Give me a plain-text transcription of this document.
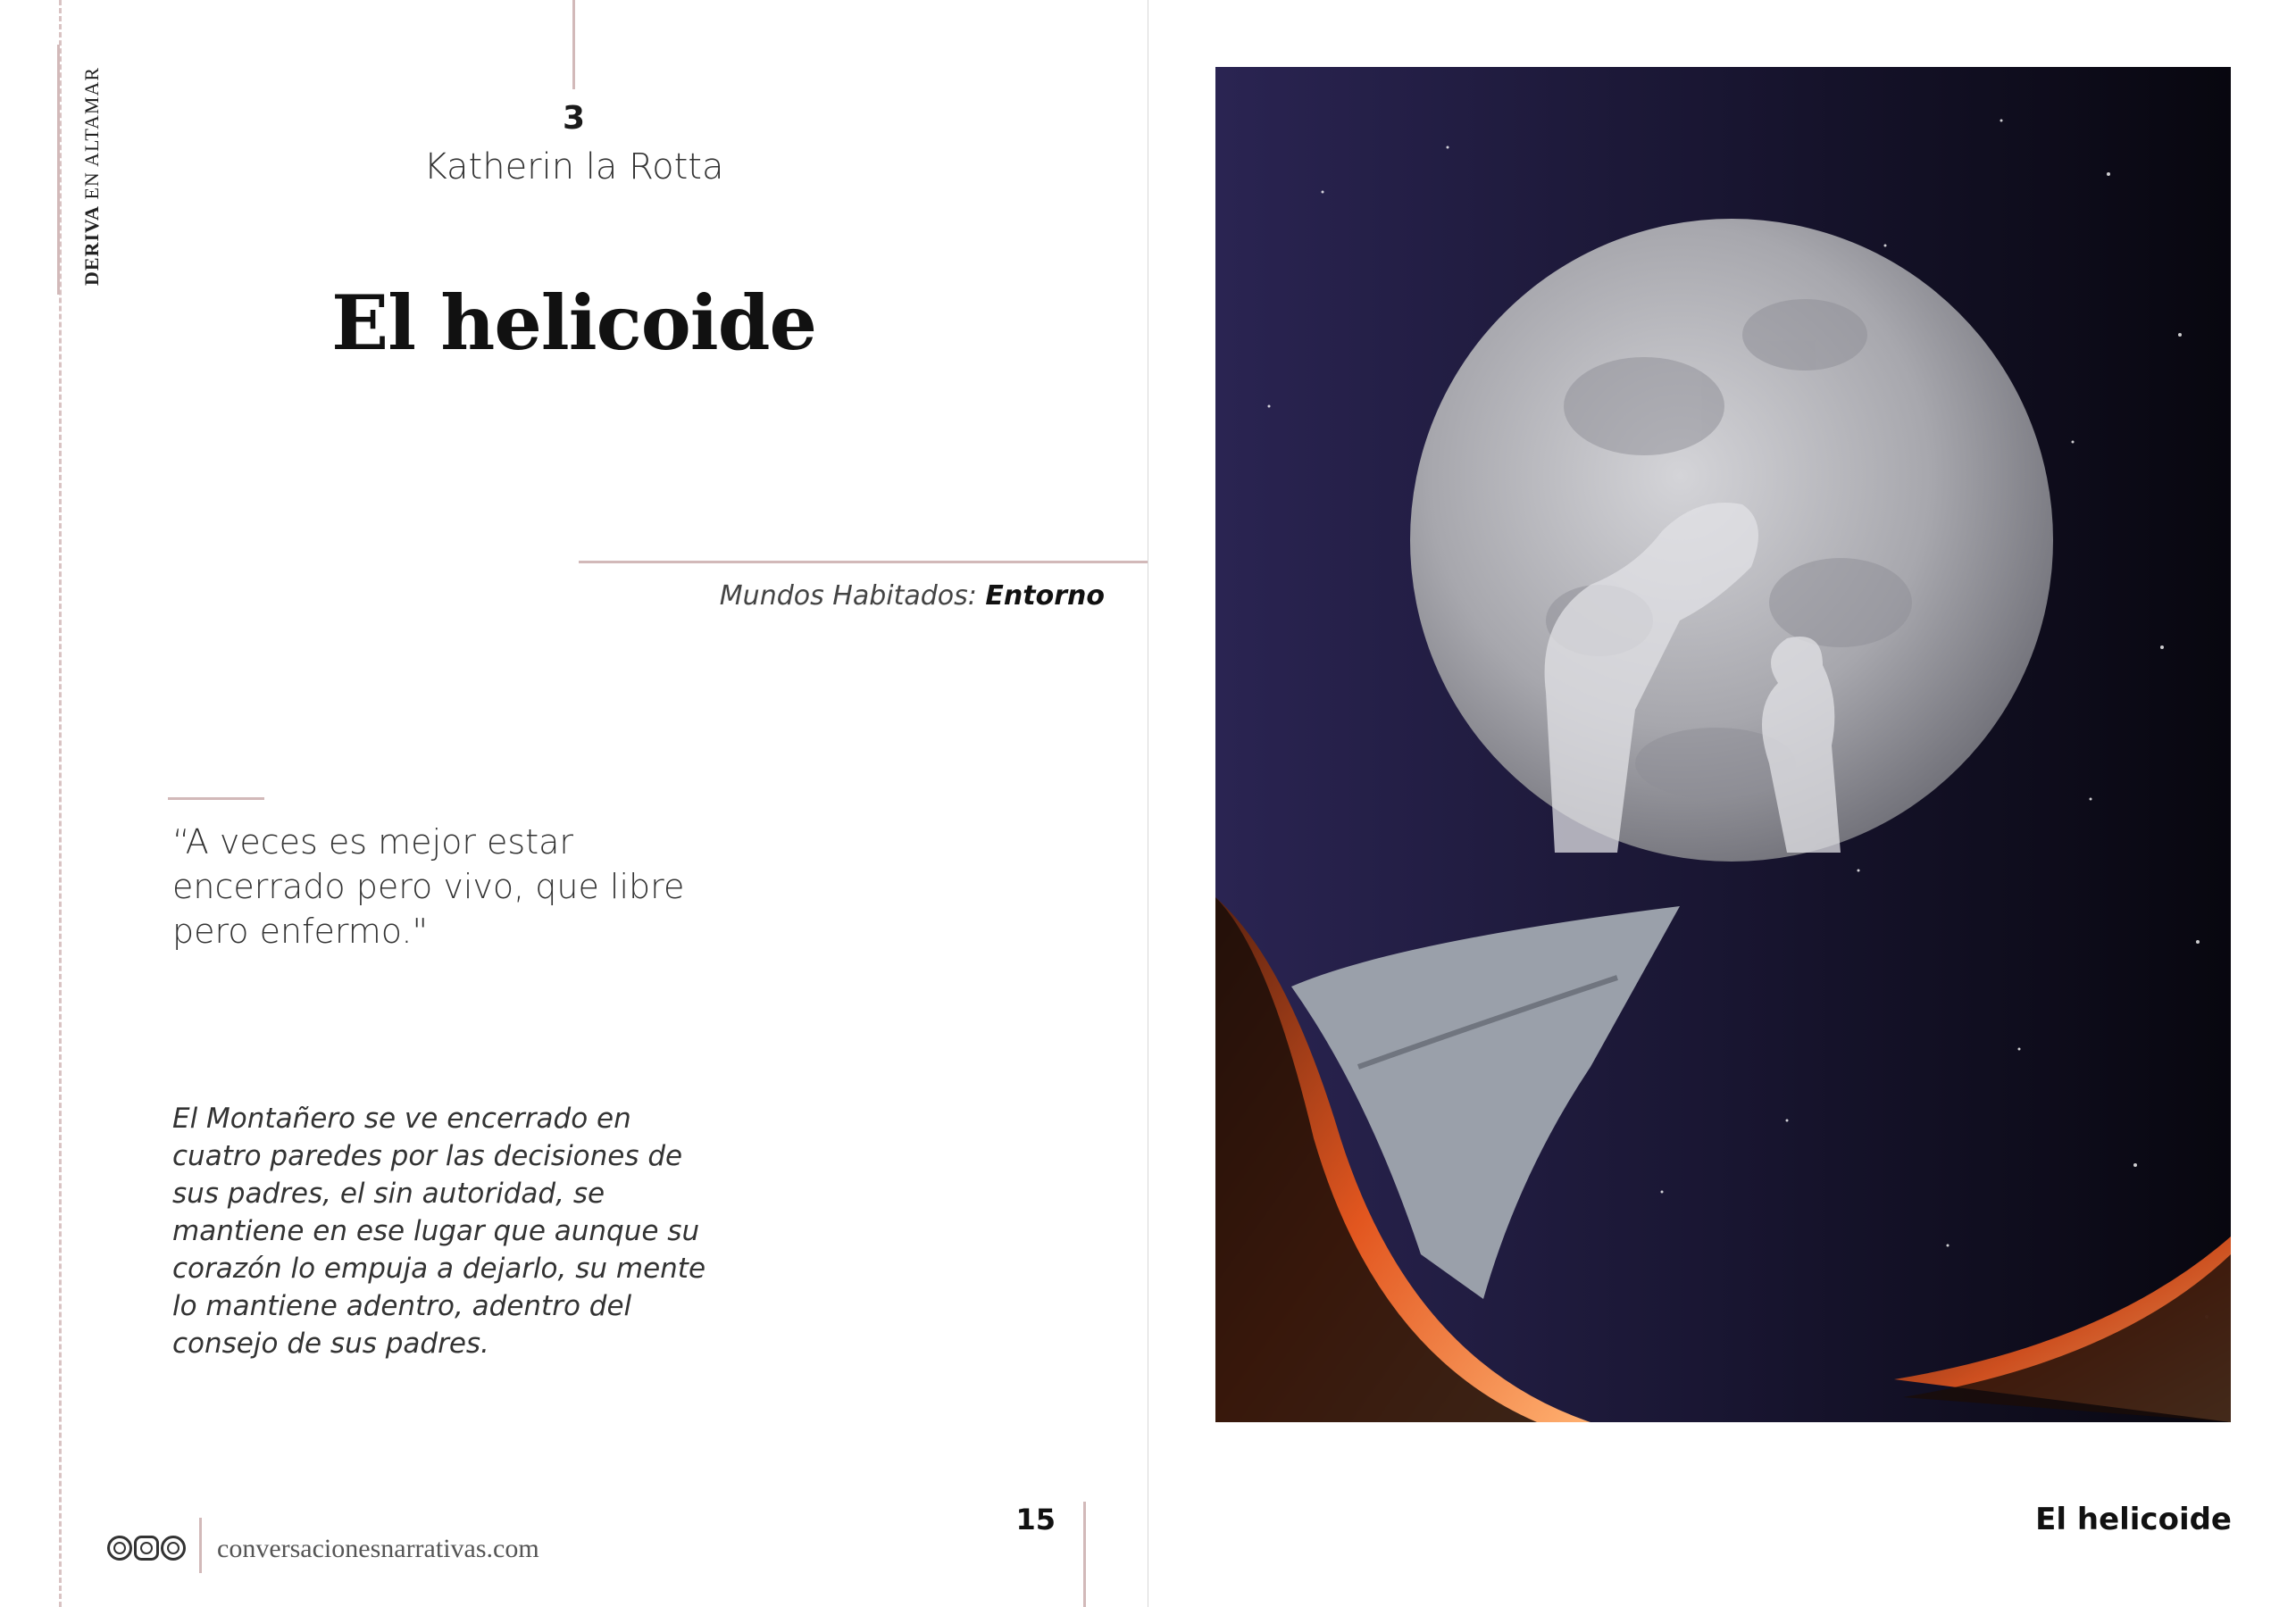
DERIVA EN ALTAMAR	3
Katherin la Rotta
El helicoide
Mundos Habitados: Entorno

“A veces es mejor estar encerrado pero vivo, que libre pero enfermo."

El Montañero se ve encerrado en cuatro paredes por las decisiones de sus padres, el sin autoridad, se mantiene en ese lugar que aunque su corazón lo empuja a dejarlo, su mente lo mantiene adentro, adentro del consejo de sus padres.

conversacionesnarrativas.com
15	El helicoide
